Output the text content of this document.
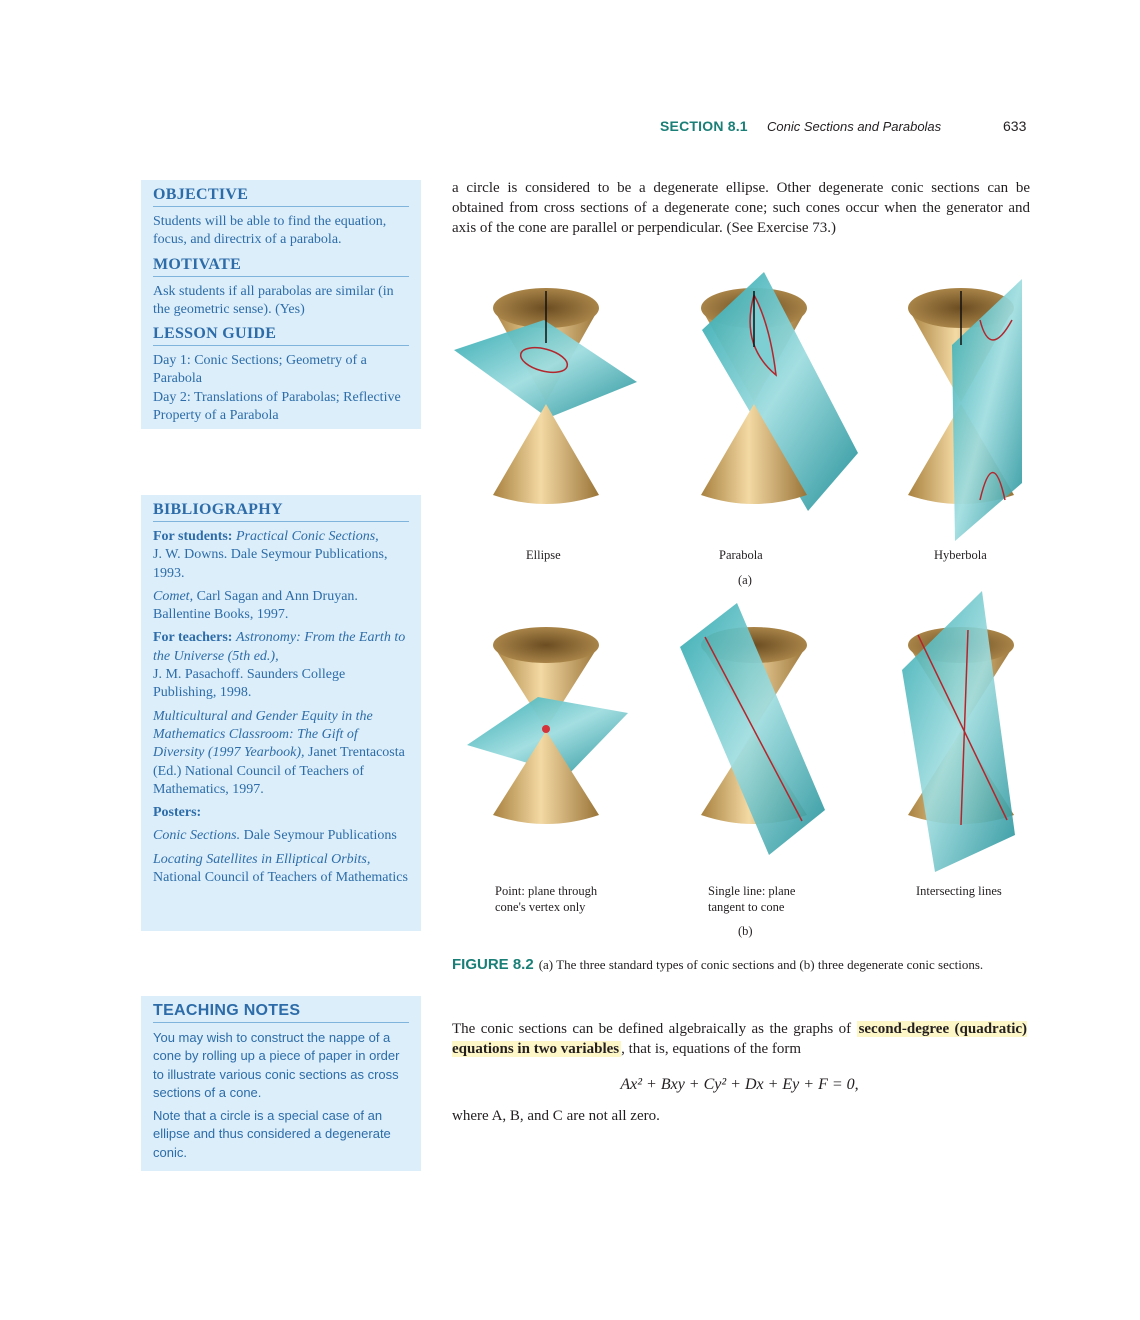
SECTION 8.1 Conic Sections and Parabolas	633
OBJECTIVE
Students will be able to find the equation, focus, and directrix of a parabola.
MOTIVATE
Ask students if all parabolas are similar (in the geometric sense). (Yes)
LESSON GUIDE
Day 1: Conic Sections; Geometry of a Parabola
Day 2: Translations of Parabolas; Reflective Property of a Parabola
BIBLIOGRAPHY

For students: Practical Conic Sections,
J. W. Downs. Dale Seymour Publications, 1993.

Comet, Carl Sagan and Ann Druyan. Ballentine Books, 1997.

For teachers: Astronomy: From the Earth to the Universe (5th ed.),
J. M. Pasachoff. Saunders College Publishing, 1998.

Multicultural and Gender Equity in the Mathematics Classroom: The Gift of Diversity (1997 Yearbook), Janet Trentacosta (Ed.) National Council of Teachers of Mathematics, 1997.

Posters:

Conic Sections. Dale Seymour Publications

Locating Satellites in Elliptical Orbits,
National Council of Teachers of Mathematics

TEACHING NOTES

You may wish to construct the nappe of a cone by rolling up a piece of paper in order to illustrate various conic sections as cross sections of a cone.

Note that a circle is a special case of an ellipse and thus considered a degenerate conic.

a circle is considered to be a degenerate ellipse. Other degenerate conic sections can be obtained from cross sections of a degenerate cone; such cones occur when the generator and axis of the cone are parallel or perpendicular. (See Exercise 73.)
Ellipse	Parabola	Hyberbola
(a)
Point: plane through
cone's vertex only
Single line: plane
tangent to cone
Intersecting lines
(b)
FIGURE 8.2 (a) The three standard types of conic sections and (b) three degenerate conic sections.
The conic sections can be defined algebraically as the graphs of second-degree (quadratic) equations in two variables , that is, equations of the form
Ax² + Bxy + Cy² + Dx + Ey + F = 0,
where A, B, and C are not all zero.
